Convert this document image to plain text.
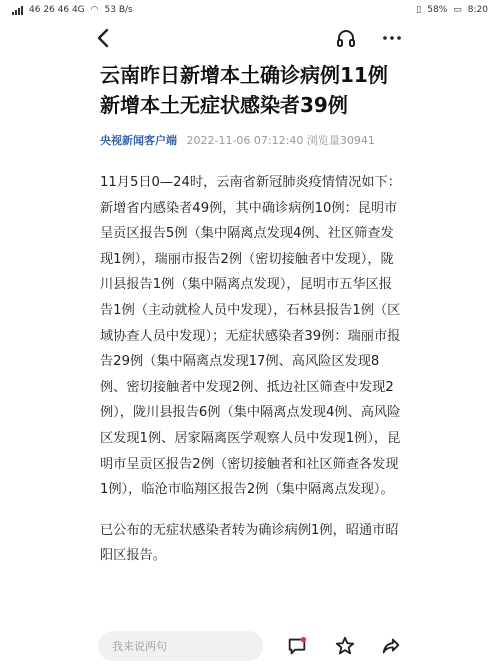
46 26 46 4G ◠ 53 B/s	▯ 58% ▭ 8:20
云南昨日新增本土确诊病例11例 新增本土无症状感染者39例
央视新闻客户端 2022-11-06 07:12:40 浏览量30941

11月5日0—24时，云南省新冠肺炎疫情情况如下：新增省内感染者49例，其中确诊病例10例：昆明市呈贡区报告5例（集中隔离点发现4例、社区筛查发现1例），瑞丽市报告2例（密切接触者中发现），陇川县报告1例（集中隔离点发现），昆明市五华区报告1例（主动就检人员中发现），石林县报告1例（区域协查人员中发现）；无症状感染者39例：瑞丽市报告29例（集中隔离点发现17例、高风险区发现8例、密切接触者中发现2例、抵边社区筛查中发现2例），陇川县报告6例（集中隔离点发现4例、高风险区发现1例、居家隔离医学观察人员中发现1例），昆明市呈贡区报告2例（密切接触者和社区筛查各发现1例），临沧市临翔区报告2例（集中隔离点发现）。

已公布的无症状感染者转为确诊病例1例，昭通市昭阳区报告。

我来说两句
